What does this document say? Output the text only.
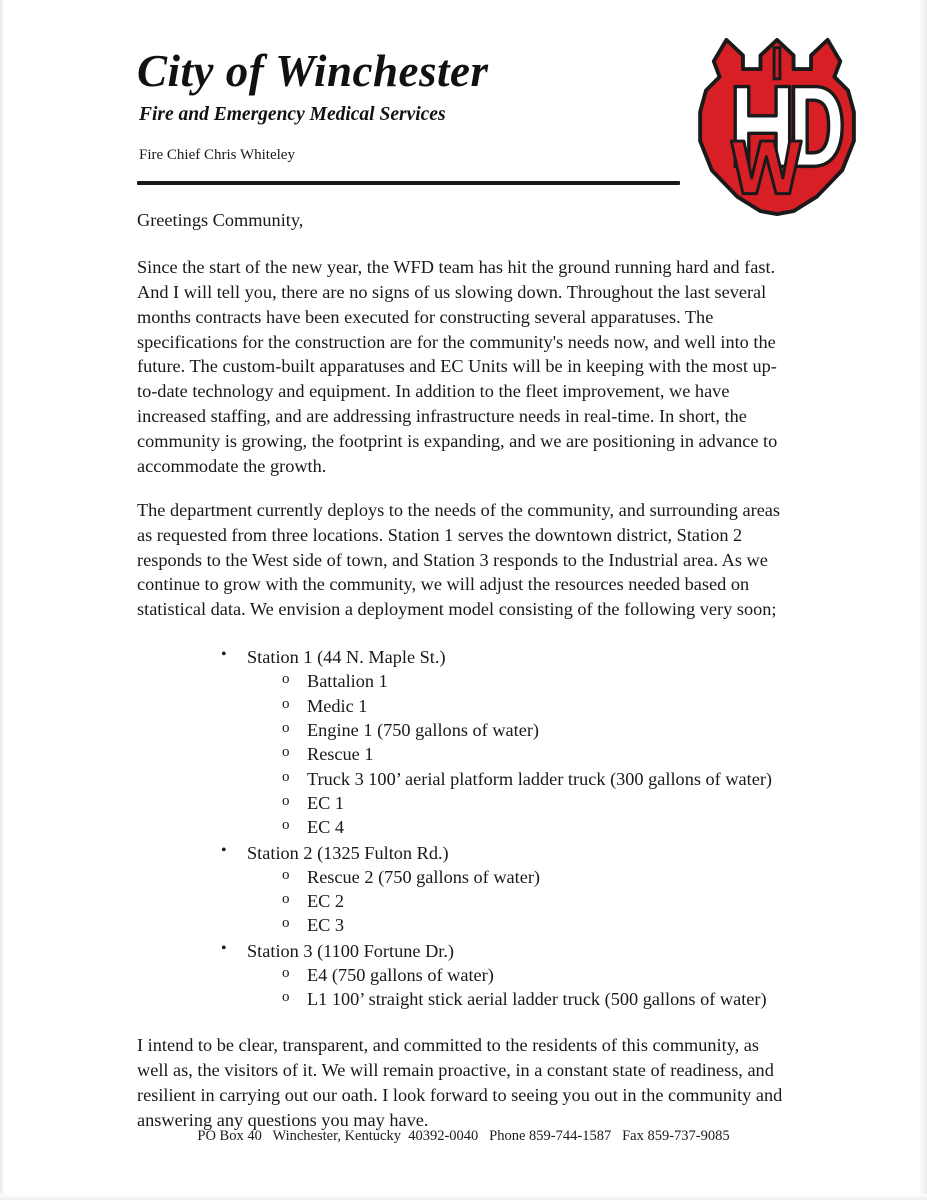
City of Winchester
Fire and Emergency Medical Services
Fire Chief Chris Whiteley

Greetings Community,

Since the start of the new year, the WFD team has hit the ground running hard and fast. And I will tell you, there are no signs of us slowing down. Throughout the last several months contracts have been executed for constructing several apparatuses. The specifications for the construction are for the community's needs now, and well into the future. The custom-built apparatuses and EC Units will be in keeping with the most up-to-date technology and equipment. In addition to the fleet improvement, we have increased staffing, and are addressing infrastructure needs in real-time. In short, the community is growing, the footprint is expanding, and we are positioning in advance to accommodate the growth.

The department currently deploys to the needs of the community, and surrounding areas as requested from three locations. Station 1 serves the downtown district, Station 2 responds to the West side of town, and Station 3 responds to the Industrial area. As we continue to grow with the community, we will adjust the resources needed based on statistical data. We envision a deployment model consisting of the following very soon;

• Station 1 (44 N. Maple St.)
o Battalion 1
o Medic 1
o Engine 1 (750 gallons of water)
o Rescue 1
o Truck 3 100’ aerial platform ladder truck (300 gallons of water)
o EC 1
o EC 4
• Station 2 (1325 Fulton Rd.)
o Rescue 2 (750 gallons of water)
o EC 2
o EC 3
• Station 3 (1100 Fortune Dr.)
o E4 (750 gallons of water)
o L1 100’ straight stick aerial ladder truck (500 gallons of water)

I intend to be clear, transparent, and committed to the residents of this community, as well as, the visitors of it. We will remain proactive, in a constant state of readiness, and resilient in carrying out our oath. I look forward to seeing you out in the community and answering any questions you may have.

PO Box 40 Winchester, Kentucky  40392-0040 Phone 859-744-1587 Fax 859-737-9085
